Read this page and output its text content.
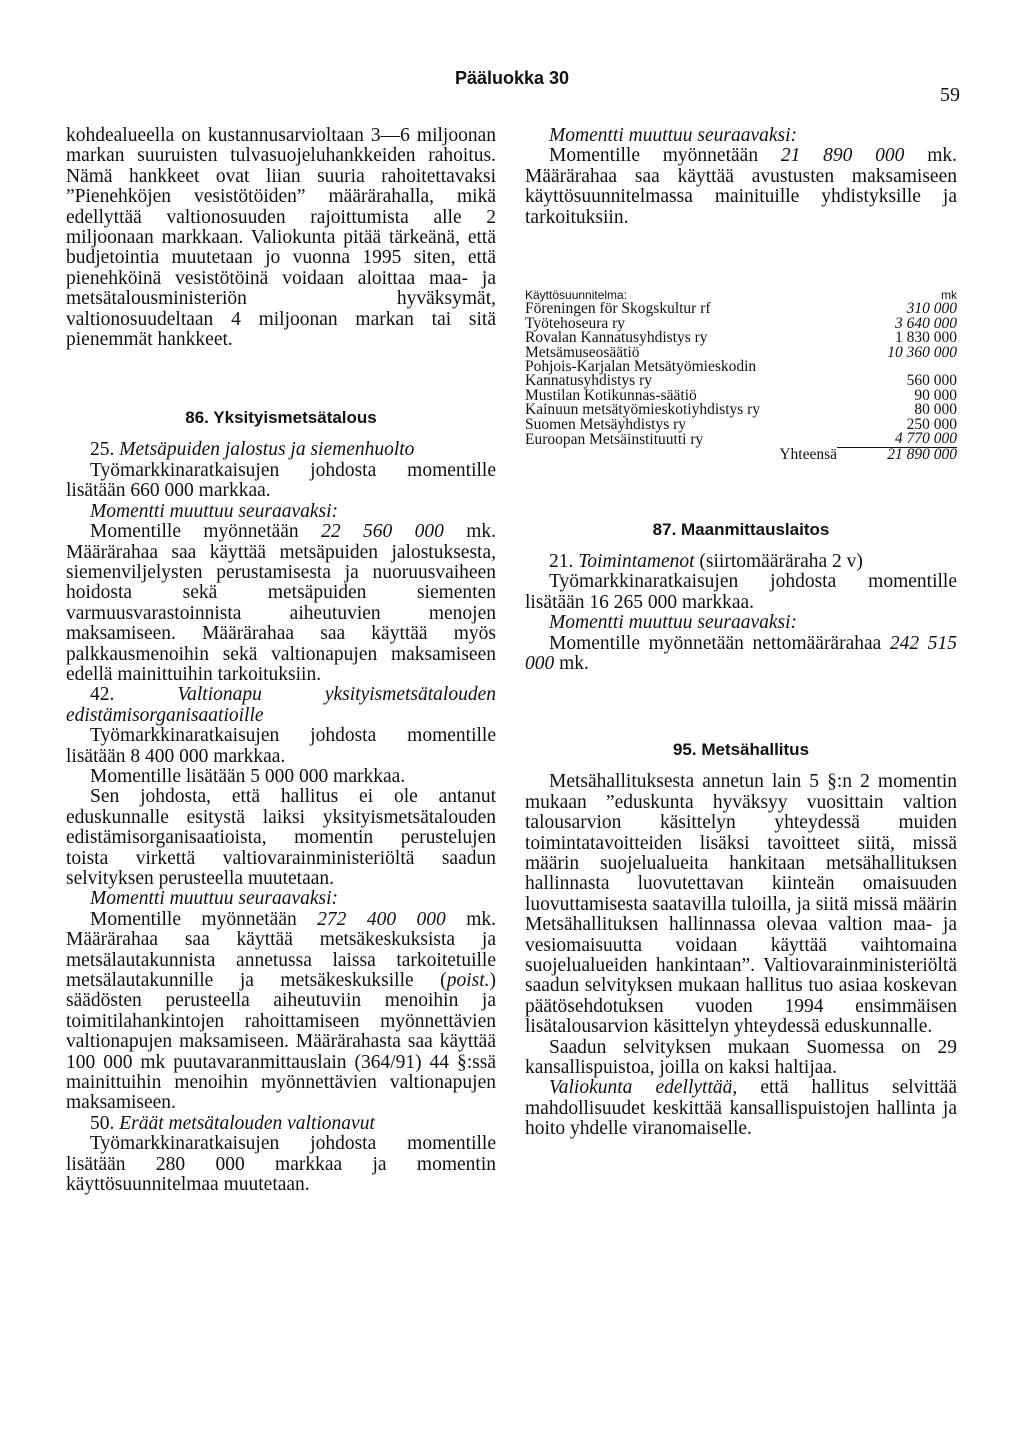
Pääluokka 30
59

kohdealueella on kustannusarvioltaan 3—6 miljoonan markan suuruisten tulvasuojeluhankkeiden rahoitus. Nämä hankkeet ovat liian suuria rahoitettavaksi ”Pienehköjen vesistötöiden” määrärahalla, mikä edellyttää valtionosuuden rajoittumista alle 2 miljoonaan markkaan. Valiokunta pitää tärkeänä, että budjetointia muutetaan jo vuonna 1995 siten, että pienehköinä vesistötöinä voidaan aloittaa maa- ja metsätalousministeriön hyväksymät, valtionosuudeltaan 4 miljoonan markan tai sitä pienemmät hankkeet.

86. Yksityismetsätalous

25. Metsäpuiden jalostus ja siemenhuolto

Työmarkkinaratkaisujen johdosta momentille lisätään 660 000 markkaa.

Momentti muuttuu seuraavaksi:

Momentille myönnetään 22 560 000 mk. Määrärahaa saa käyttää metsäpuiden jalostuksesta, siemenviljelysten perustamisesta ja nuoruusvaiheen hoidosta sekä metsäpuiden siementen varmuusvarastoinnista aiheutuvien menojen maksamiseen. Määrärahaa saa käyttää myös palkkausmenoihin sekä valtionapujen maksamiseen edellä mainittuihin tarkoituksiin.

42.	Valtionapu yksityismetsätalouden edistämisorganisaatioille

Työmarkkinaratkaisujen johdosta momentille lisätään 8 400 000 markkaa.

Momentille lisätään 5 000 000 markkaa.

Sen johdosta, että hallitus ei ole antanut eduskunnalle esitystä laiksi yksityismetsätalouden edistämisorganisaatioista, momentin perustelujen toista virkettä valtiovarainministeriöltä saadun selvityksen perusteella muutetaan.

Momentti muuttuu seuraavaksi:

Momentille myönnetään 272 400 000 mk. Määrärahaa saa käyttää metsäkeskuksista ja metsälautakunnista annetussa laissa tarkoitetuille metsälautakunnille ja metsäkeskuksille (poist.) säädösten perusteella aiheutuviin menoihin ja toimitilahankintojen rahoittamiseen myönnettävien valtionapujen maksamiseen. Määrärahasta saa käyttää 100 000 mk puutavaranmittauslain (364/91) 44 §:ssä mainittuihin menoihin myönnettävien valtionapujen maksamiseen.

50. Eräät metsätalouden valtionavut

Työmarkkinaratkaisujen johdosta momentille lisätään 280 000 markkaa ja momentin käyttösuunnitelmaa muutetaan.

Momentti muuttuu seuraavaksi:

Momentille myönnetään 21 890 000 mk. Määrärahaa saa käyttää avustusten maksamiseen käyttösuunnitelmassa mainituille yhdistyksille ja tarkoituksiin.

Käyttösuunnitelma:	mk
Föreningen för Skogskultur rf	310 000
Työtehoseura ry	3 640 000
Rovalan Kannatusyhdistys ry	1 830 000
Metsämuseosäätiö	10 360 000
Pohjois-Karjalan Metsätyömieskodin Kannatusyhdistys ry	560 000
Mustilan Kotikunnas-säätiö	90 000
Kainuun metsätyömieskotiyhdistys ry	80 000
Suomen Metsäyhdistys ry	250 000
Euroopan Metsäinstituutti ry	4 770 000
Yhteensä	21 890 000
87. Maanmittauslaitos

21. Toimintamenot (siirtomääräraha 2 v)

Työmarkkinaratkaisujen johdosta momentille lisätään 16 265 000 markkaa.

Momentti muuttuu seuraavaksi:

Momentille myönnetään nettomäärärahaa 242 515 000 mk.

95. Metsähallitus

Metsähallituksesta annetun lain 5 §:n 2 momentin mukaan ”eduskunta hyväksyy vuosittain valtion talousarvion käsittelyn yhteydessä muiden toimintatavoitteiden lisäksi tavoitteet siitä, missä määrin suojelualueita hankitaan metsähallituksen hallinnasta luovutettavan kiinteän omaisuuden luovuttamisesta saatavilla tuloilla, ja siitä missä määrin Metsähallituksen hallinnassa olevaa valtion maa- ja vesiomaisuutta voidaan käyttää vaihtomaina suojelualueiden hankintaan”. Valtiovarainministeriöltä saadun selvityksen mukaan hallitus tuo asiaa koskevan päätösehdotuksen vuoden 1994 ensimmäisen lisätalousarvion käsittelyn yhteydessä eduskunnalle.

Saadun selvityksen mukaan Suomessa on 29 kansallispuistoa, joilla on kaksi haltijaa.

Valiokunta edellyttää, että hallitus selvittää mahdollisuudet keskittää kansallispuistojen hallinta ja hoito yhdelle viranomaiselle.
